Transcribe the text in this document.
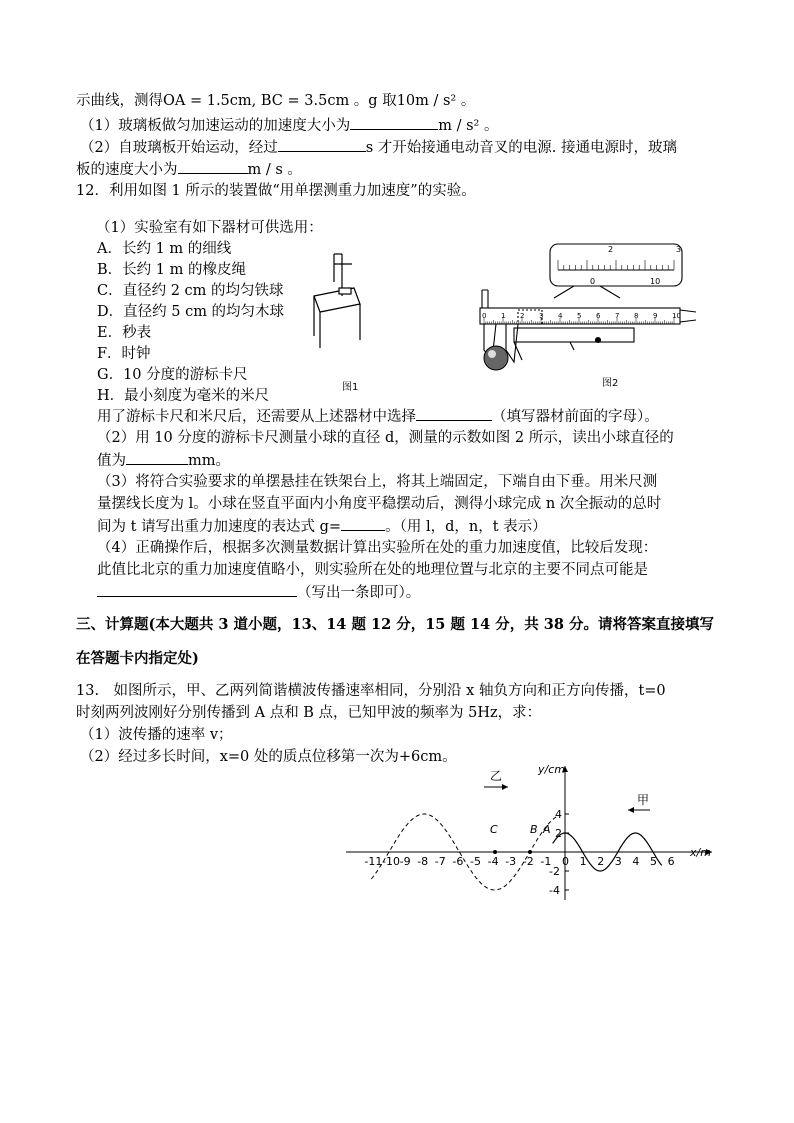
示曲线，测得OA = 1.5cm, BC = 3.5cm 。g 取10m / s² 。
（1）玻璃板做匀加速运动的加速度大小为	m / s² 。
（2）自玻璃板开始运动，经过	s 才开始接通电动音叉的电源. 接通电源时，玻璃
板的速度大小为	m / s 。
12．利用如图 1 所示的装置做“用单摆测重力加速度”的实验。
（1）实验室有如下器材可供选用：
A．长约 1 m 的细线
B．长约 1 m 的橡皮绳
C．直径约 2 cm 的均匀铁球
D．直径约 5 cm 的均匀木球
E．秒表
F．时钟
G．10 分度的游标卡尺
H．最小刻度为毫米的米尺
图1
2	3
0	10
0 1 2 3 4 5 6 7 8 9 10
图2
用了游标卡尺和米尺后，还需要从上述器材中选择	（填写器材前面的字母）。
（2）用 10 分度的游标卡尺测量小球的直径 d，测量的示数如图 2 所示，读出小球直径的
值为	mm。
（3）将符合实验要求的单摆悬挂在铁架台上，将其上端固定，下端自由下垂。用米尺测
量摆线长度为 l。小球在竖直平面内小角度平稳摆动后，测得小球完成 n 次全振动的总时
间为 t 请写出重力加速度的表达式 g=	。（用 l，d，n，t 表示）
（4）正确操作后，根据多次测量数据计算出实验所在处的重力加速度值，比较后发现：
此值比北京的重力加速度值略小，则实验所在处的地理位置与北京的主要不同点可能是
（写出一条即可）。
三、计算题(本大题共 3 道小题，13、14 题 12 分，15 题 14 分，共 38 分。请将答案直接填写
在答题卡内指定处)
13.　如图所示，甲、乙两列简谐横波传播速率相同，分别沿 x 轴负方向和正方向传播，t=0
时刻两列波刚好分别传播到 A 点和 B 点，已知甲波的频率为 5Hz，求：
（1）波传播的速率 v；
（2）经过多长时间，x=0 处的质点位移第一次为+6cm。
-11 -10 -9 -8 -7 -6 -5 -4 -3 -2 -1 0 1 2 3 4 5 6
4
2
-2
-4
y/cm
x/m
乙
甲
C	B A
